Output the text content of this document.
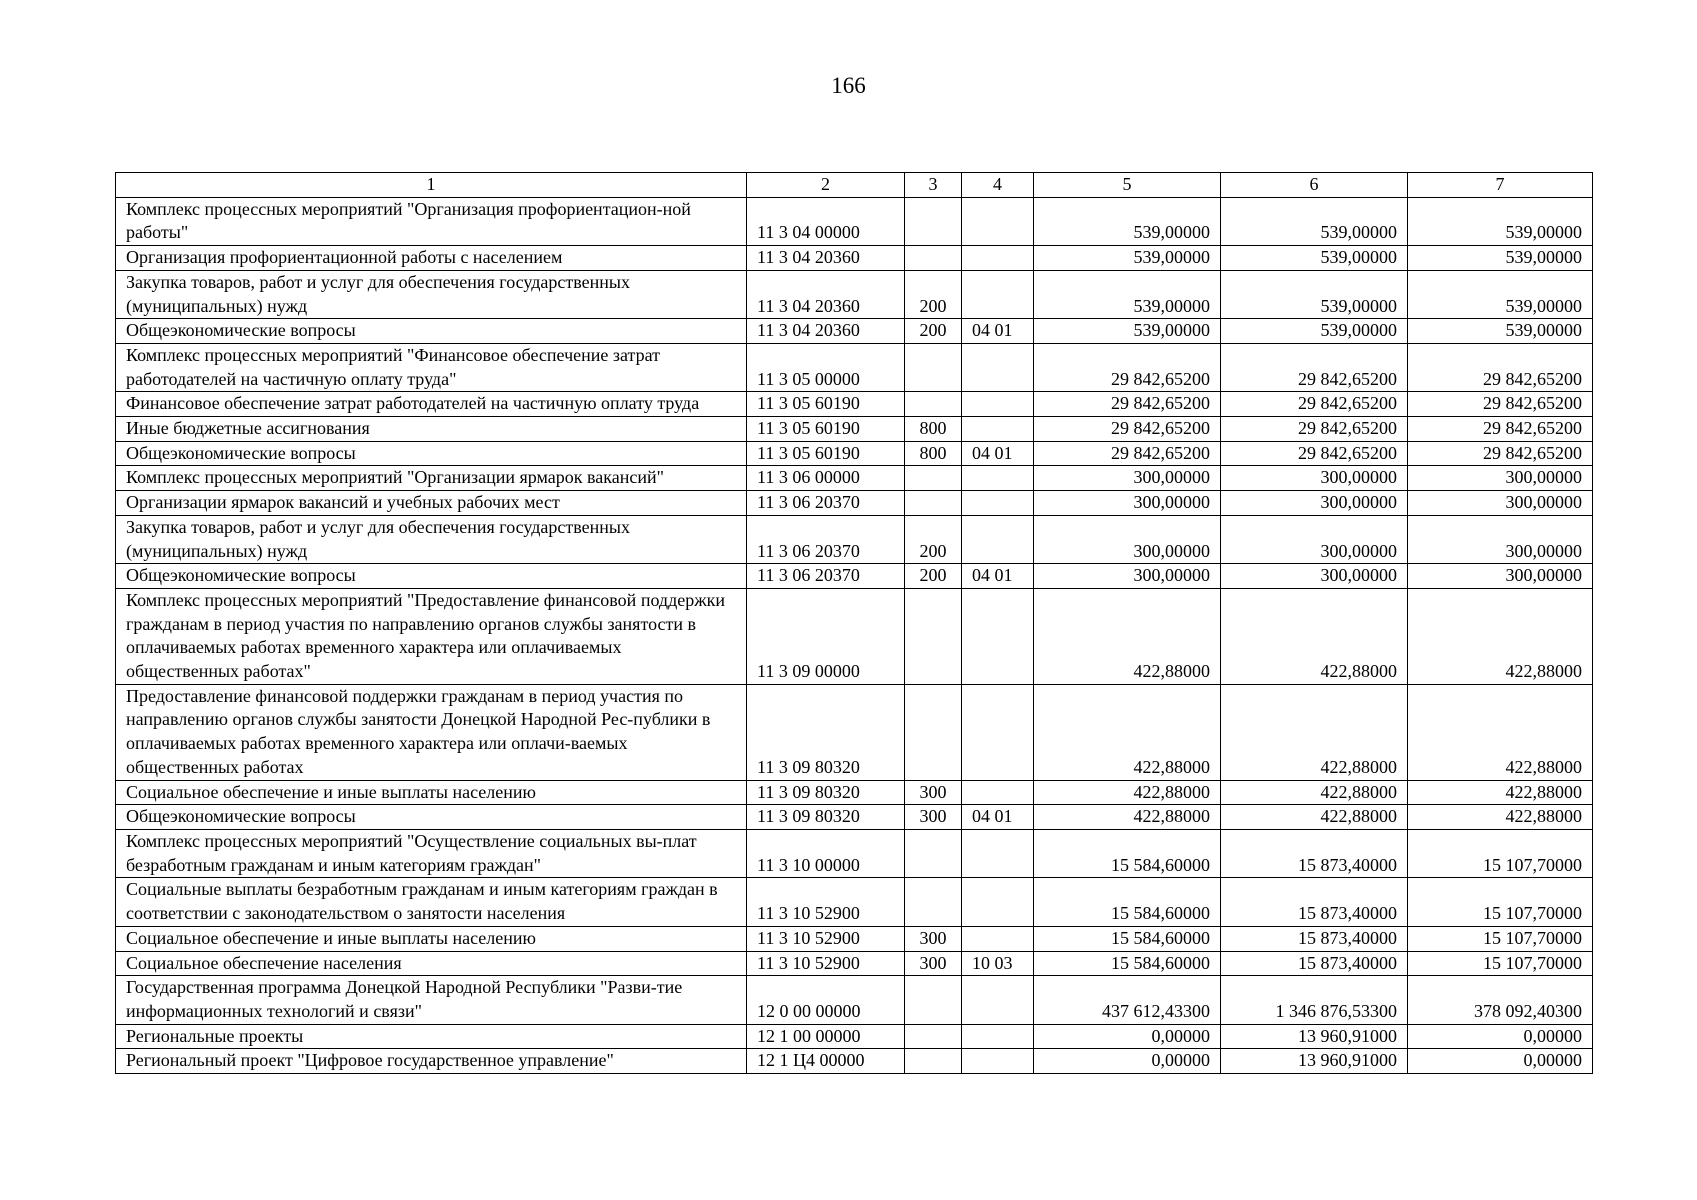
166
1	2	3	4	5	6	7
Комплекс процессных мероприятий "Организация профориентацион-ной работы"	11 3 04 00000			539,00000	539,00000	539,00000
Организация профориентационной работы с населением	11 3 04 20360			539,00000	539,00000	539,00000
Закупка товаров, работ и услуг для обеспечения государственных (муниципальных) нужд	11 3 04 20360	200		539,00000	539,00000	539,00000
Общеэкономические вопросы	11 3 04 20360	200	04 01	539,00000	539,00000	539,00000
Комплекс процессных мероприятий "Финансовое обеспечение затрат работодателей на частичную оплату труда"	11 3 05 00000			29 842,65200	29 842,65200	29 842,65200
Финансовое обеспечение затрат работодателей на частичную оплату труда	11 3 05 60190			29 842,65200	29 842,65200	29 842,65200
Иные бюджетные ассигнования	11 3 05 60190	800		29 842,65200	29 842,65200	29 842,65200
Общеэкономические вопросы	11 3 05 60190	800	04 01	29 842,65200	29 842,65200	29 842,65200
Комплекс процессных мероприятий "Организации ярмарок вакансий"	11 3 06 00000			300,00000	300,00000	300,00000
Организации ярмарок вакансий и учебных рабочих мест	11 3 06 20370			300,00000	300,00000	300,00000
Закупка товаров, работ и услуг для обеспечения государственных (муниципальных) нужд	11 3 06 20370	200		300,00000	300,00000	300,00000
Общеэкономические вопросы	11 3 06 20370	200	04 01	300,00000	300,00000	300,00000
Комплекс процессных мероприятий "Предоставление финансовой поддержки гражданам в период участия по направлению органов службы занятости в оплачиваемых работах временного характера или оплачиваемых общественных работах"	11 3 09 00000			422,88000	422,88000	422,88000
Предоставление финансовой поддержки гражданам в период участия по направлению органов службы занятости Донецкой Народной Рес-публики в оплачиваемых работах временного характера или оплачи-ваемых общественных работах	11 3 09 80320			422,88000	422,88000	422,88000
Социальное обеспечение и иные выплаты населению	11 3 09 80320	300		422,88000	422,88000	422,88000
Общеэкономические вопросы	11 3 09 80320	300	04 01	422,88000	422,88000	422,88000
Комплекс процессных мероприятий "Осуществление социальных вы-плат безработным гражданам и иным категориям граждан"	11 3 10 00000			15 584,60000	15 873,40000	15 107,70000
Социальные выплаты безработным гражданам и иным категориям граждан в соответствии с законодательством о занятости населения	11 3 10 52900			15 584,60000	15 873,40000	15 107,70000
Социальное обеспечение и иные выплаты населению	11 3 10 52900	300		15 584,60000	15 873,40000	15 107,70000
Социальное обеспечение населения	11 3 10 52900	300	10 03	15 584,60000	15 873,40000	15 107,70000
Государственная программа Донецкой Народной Республики "Разви-тие информационных технологий и связи"	12 0 00 00000			437 612,43300	1 346 876,53300	378 092,40300
Региональные проекты	12 1 00 00000			0,00000	13 960,91000	0,00000
Региональный проект "Цифровое государственное управление"	12 1 Ц4 00000			0,00000	13 960,91000	0,00000
